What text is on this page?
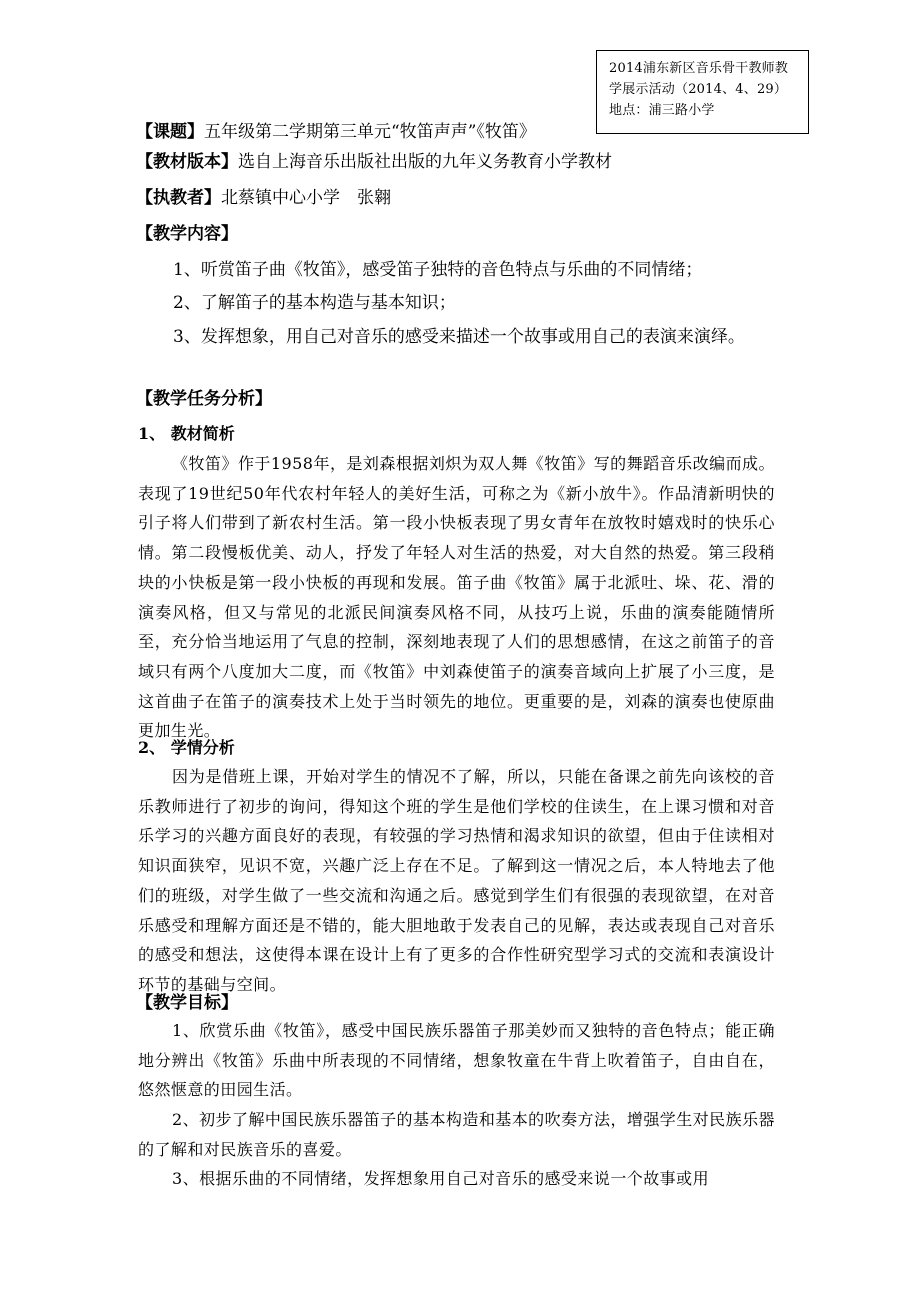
2014浦东新区音乐骨干教师教
学展示活动（2014、4、29）
地点：浦三路小学
【课题】五年级第二学期第三单元“牧笛声声”《牧笛》
【教材版本】选自上海音乐出版社出版的九年义务教育小学教材
【执教者】北蔡镇中心小学　张翱
【教学内容】
1、听赏笛子曲《牧笛》，感受笛子独特的音色特点与乐曲的不同情绪；
2、了解笛子的基本构造与基本知识；
3、发挥想象，用自己对音乐的感受来描述一个故事或用自己的表演来演绎。
【教学任务分析】
1、 教材简析
《牧笛》作于1958年，是刘森根据刘炽为双人舞《牧笛》写的舞蹈音乐改编而成。表现了19世纪50年代农村年轻人的美好生活，可称之为《新小放牛》。作品清新明快的引子将人们带到了新农村生活。第一段小快板表现了男女青年在放牧时嬉戏时的快乐心情。第二段慢板优美、动人，抒发了年轻人对生活的热爱，对大自然的热爱。第三段稍块的小快板是第一段小快板的再现和发展。笛子曲《牧笛》属于北派吐、垛、花、滑的演奏风格，但又与常见的北派民间演奏风格不同，从技巧上说，乐曲的演奏能随情所至，充分恰当地运用了气息的控制，深刻地表现了人们的思想感情，在这之前笛子的音域只有两个八度加大二度，而《牧笛》中刘森使笛子的演奏音域向上扩展了小三度，是这首曲子在笛子的演奏技术上处于当时领先的地位。更重要的是，刘森的演奏也使原曲更加生光。
2、 学情分析
因为是借班上课，开始对学生的情况不了解，所以，只能在备课之前先向该校的音乐教师进行了初步的询问，得知这个班的学生是他们学校的住读生，在上课习惯和对音乐学习的兴趣方面良好的表现，有较强的学习热情和渴求知识的欲望，但由于住读相对知识面狭窄，见识不宽，兴趣广泛上存在不足。了解到这一情况之后，本人特地去了他们的班级，对学生做了一些交流和沟通之后。感觉到学生们有很强的表现欲望，在对音乐感受和理解方面还是不错的，能大胆地敢于发表自己的见解，表达或表现自己对音乐的感受和想法，这使得本课在设计上有了更多的合作性研究型学习式的交流和表演设计环节的基础与空间。
【教学目标】
1、欣赏乐曲《牧笛》，感受中国民族乐器笛子那美妙而又独特的音色特点；能正确地分辨出《牧笛》乐曲中所表现的不同情绪，想象牧童在牛背上吹着笛子，自由自在，悠然惬意的田园生活。
2、初步了解中国民族乐器笛子的基本构造和基本的吹奏方法，增强学生对民族乐器的了解和对民族音乐的喜爱。
3、根据乐曲的不同情绪，发挥想象用自己对音乐的感受来说一个故事或用
